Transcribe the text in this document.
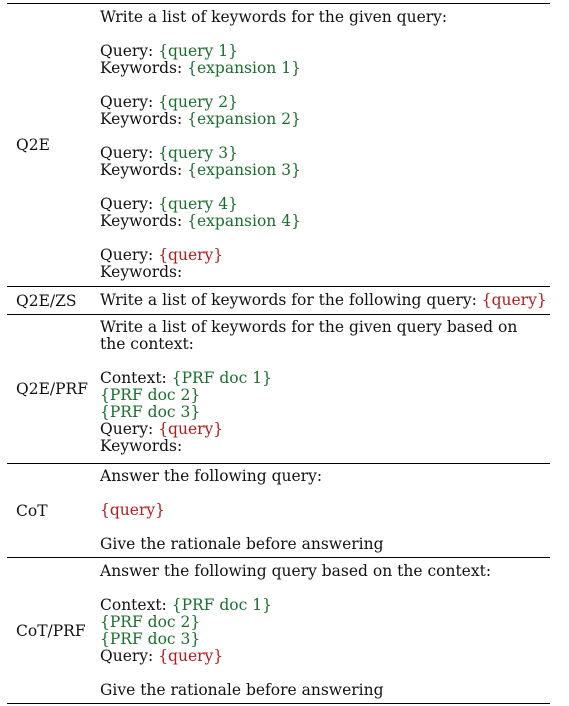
Q2E
Write a list of keywords for the given query:
Query: {query 1}
Keywords: {expansion 1}
Query: {query 2}
Keywords: {expansion 2}
Query: {query 3}
Keywords: {expansion 3}
Query: {query 4}
Keywords: {expansion 4}
Query: {query}
Keywords:
Q2E/ZS Write a list of keywords for the following query: {query}
Q2E/PRF
Write a list of keywords for the given query based on
the context:
Context: {PRF doc 1}
{PRF doc 2}
{PRF doc 3}
Query: {query}
Keywords:
CoT
Answer the following query:
{query}
Give the rationale before answering
CoT/PRF
Answer the following query based on the context:
Context: {PRF doc 1}
{PRF doc 2}
{PRF doc 3}
Query: {query}
Give the rationale before answering
